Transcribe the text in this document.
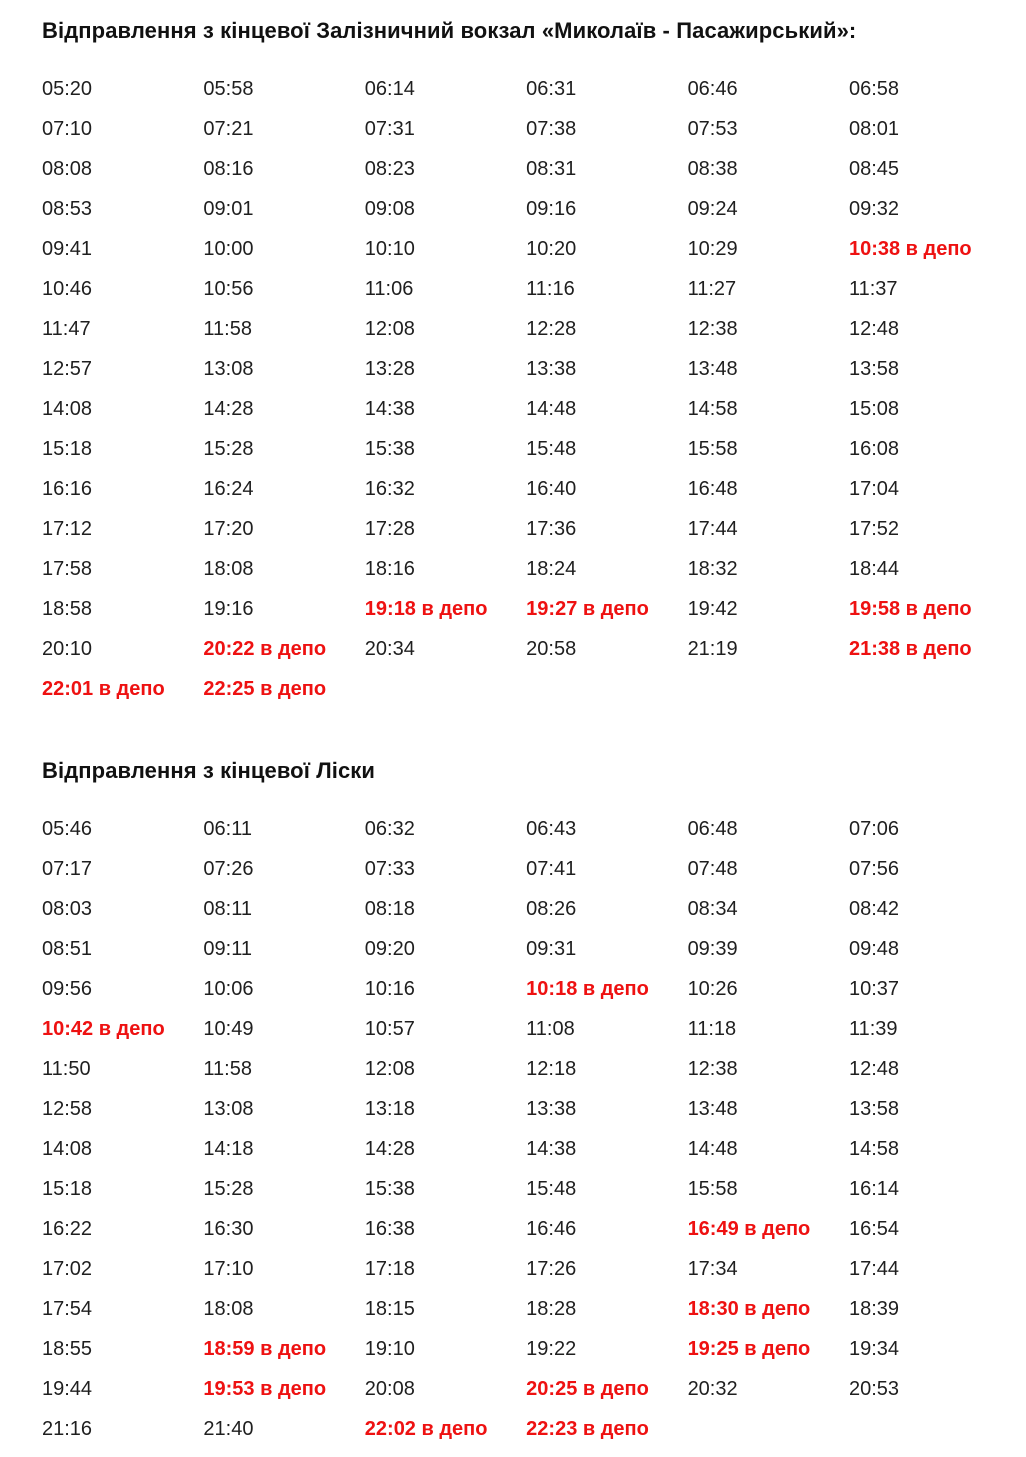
Відправлення з кінцевої Залізничний вокзал «Миколаїв - Пасажирський»:
05:20	05:58	06:14	06:31	06:46	06:58
07:10	07:21	07:31	07:38	07:53	08:01
08:08	08:16	08:23	08:31	08:38	08:45
08:53	09:01	09:08	09:16	09:24	09:32
09:41	10:00	10:10	10:20	10:29	10:38 в депо
10:46	10:56	11:06	11:16	11:27	11:37
11:47	11:58	12:08	12:28	12:38	12:48
12:57	13:08	13:28	13:38	13:48	13:58
14:08	14:28	14:38	14:48	14:58	15:08
15:18	15:28	15:38	15:48	15:58	16:08
16:16	16:24	16:32	16:40	16:48	17:04
17:12	17:20	17:28	17:36	17:44	17:52
17:58	18:08	18:16	18:24	18:32	18:44
18:58	19:16	19:18 в депо	19:27 в депо	19:42	19:58 в депо
20:10	20:22 в депо	20:34	20:58	21:19	21:38 в депо
22:01 в депо	22:25 в депо
Відправлення з кінцевої Ліски
05:46	06:11	06:32	06:43	06:48	07:06
07:17	07:26	07:33	07:41	07:48	07:56
08:03	08:11	08:18	08:26	08:34	08:42
08:51	09:11	09:20	09:31	09:39	09:48
09:56	10:06	10:16	10:18 в депо	10:26	10:37
10:42 в депо	10:49	10:57	11:08	11:18	11:39
11:50	11:58	12:08	12:18	12:38	12:48
12:58	13:08	13:18	13:38	13:48	13:58
14:08	14:18	14:28	14:38	14:48	14:58
15:18	15:28	15:38	15:48	15:58	16:14
16:22	16:30	16:38	16:46	16:49 в депо	16:54
17:02	17:10	17:18	17:26	17:34	17:44
17:54	18:08	18:15	18:28	18:30 в депо	18:39
18:55	18:59 в депо	19:10	19:22	19:25 в депо	19:34
19:44	19:53 в депо	20:08	20:25 в депо	20:32	20:53
21:16	21:40	22:02 в депо	22:23 в депо
